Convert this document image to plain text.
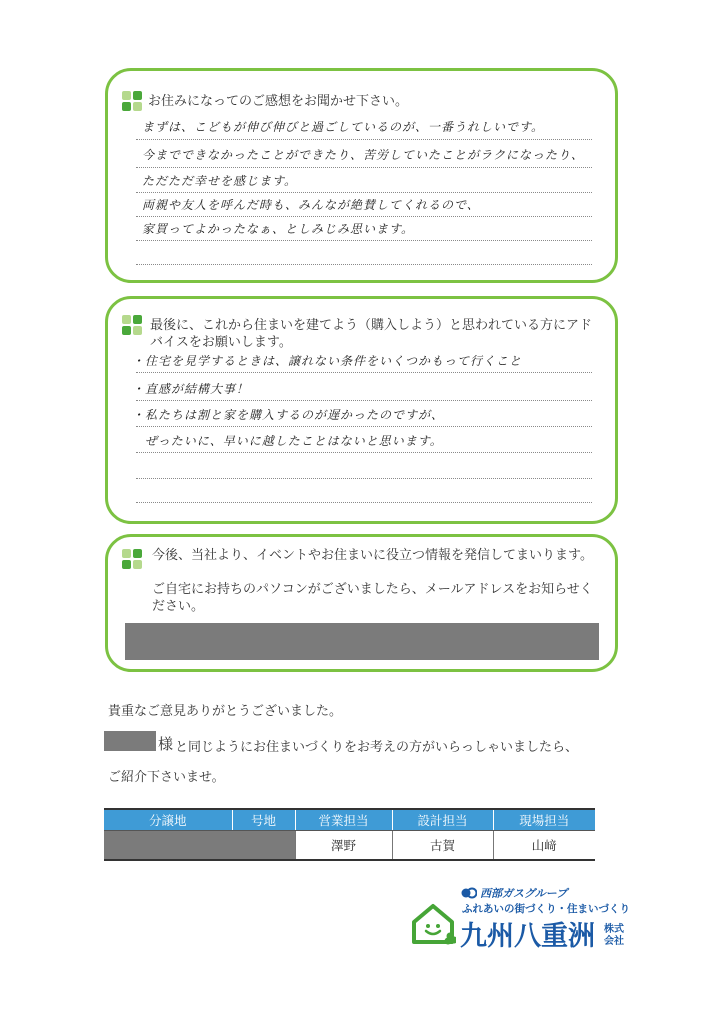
お住みになってのご感想をお聞かせ下さい。
まずは、こどもが伸び伸びと過ごしているのが、一番うれしいです。
今までできなかったことができたり、苦労していたことがラクになったり、
ただただ幸せを感じます。
両親や友人を呼んだ時も、みんなが絶賛してくれるので、
家買ってよかったなぁ、としみじみ思います。
最後に、これから住まいを建てよう（購入しよう）と思われている方にアドバイスをお願いします。
・住宅を見学するときは、譲れない条件をいくつかもって行くこと
・直感が結構大事！
・私たちは割と家を購入するのが遅かったのですが、
　ぜったいに、早いに越したことはないと思います。
今後、当社より、イベントやお住まいに役立つ情報を発信してまいります。
ご自宅にお持ちのパソコンがございましたら、メールアドレスをお知らせください。
貴重なご意見ありがとうございました。
様 と同じようにお住まいづくりをお考えの方がいらっしゃいましたら、
ご紹介下さいませ。
分譲地	号地	営業担当	設計担当	現場担当
		澤野	古賀	山﨑
西部ガスグループ
ふれあいの街づくり・住まいづくり
九州八重洲 株式
会社
